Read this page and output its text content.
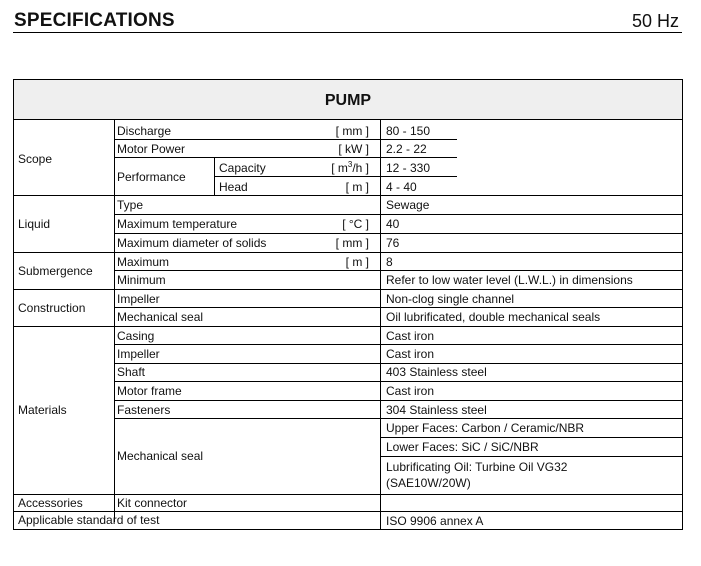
SPECIFICATIONS	50 Hz
PUMP
Scope
Discharge	[ mm ] 80 - 150
Motor Power	[ kW ] 2.2 - 22
Performance
Capacity	[ $m^3/h$ ] 12 - 330
Head	[ m ] 4 - 40
Liquid
Type	Sewage
Maximum temperature	[ °C ] 40
Maximum diameter of solids	[ mm ] 76
Submergence
Maximum	[ m ] 8
Minimum	Refer to low water level (L.W.L.) in dimensions
Construction
Impeller	Non-clog single channel
Mechanical seal	Oil lubrificated, double mechanical seals
Materials
Casing	Cast iron
Impeller	Cast iron
Shaft	403 Stainless steel
Motor frame	Cast iron
Fasteners	304 Stainless steel
Mechanical seal
Upper Faces: Carbon / Ceramic/NBR
Lower Faces: SiC / SiC/NBR
Lubrificating Oil: Turbine Oil VG32
(SAE10W/20W)
Accessories	Kit connector
Applicable standard of test	ISO 9906 annex A
